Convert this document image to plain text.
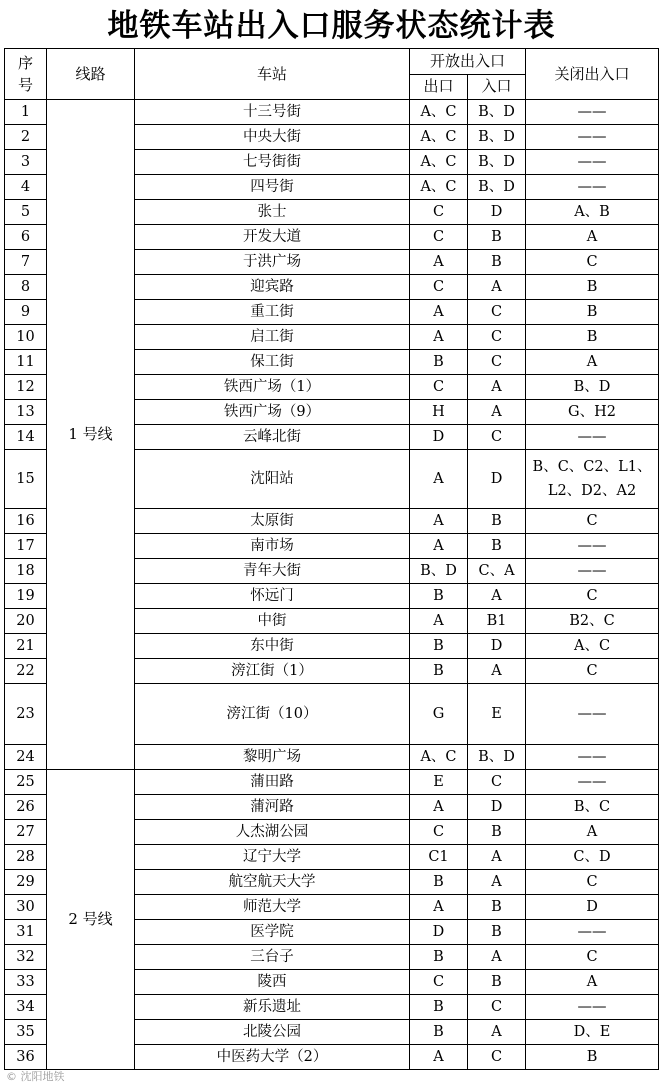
地铁车站出入口服务状态统计表
序号	线路	车站	开放出入口		关闭出入口
			出口	入口	
1	1 号线	十三号街	A、C	B、D	——
2		中央大街	A、C	B、D	——
3		七号街街	A、C	B、D	——
4		四号街	A、C	B、D	——
5		张士	C	D	A、B
6		开发大道	C	B	A
7		于洪广场	A	B	C
8		迎宾路	C	A	B
9		重工街	A	C	B
10		启工街	A	C	B
11		保工街	B	C	A
12		铁西广场（1）	C	A	B、D
13		铁西广场（9）	H	A	G、H2
14		云峰北街	D	C	——
15		沈阳站	A	D	B、C、C2、L1、
L2、D2、A2

16		太原街	A	B	C
17		南市场	A	B	——
18		青年大街	B、D	C、A	——
19		怀远门	B	A	C
20		中街	A	B1	B2、C
21		东中街	B	D	A、C
22		滂江街（1）	B	A	C
23		滂江街（10）	G	E	——
24		黎明广场	A、C	B、D	——
25	2 号线	蒲田路	E	C	——
26		蒲河路	A	D	B、C
27		人杰湖公园	C	B	A
28		辽宁大学	C1	A	C、D
29		航空航天大学	B	A	C
30		师范大学	A	B	D
31		医学院	D	B	——
32		三台子	B	A	C
33		陵西	C	B	A
34		新乐遗址	B	C	——
35		北陵公园	B	A	D、E
36		中医药大学（2）	A	C	B
© 沈阳地铁
